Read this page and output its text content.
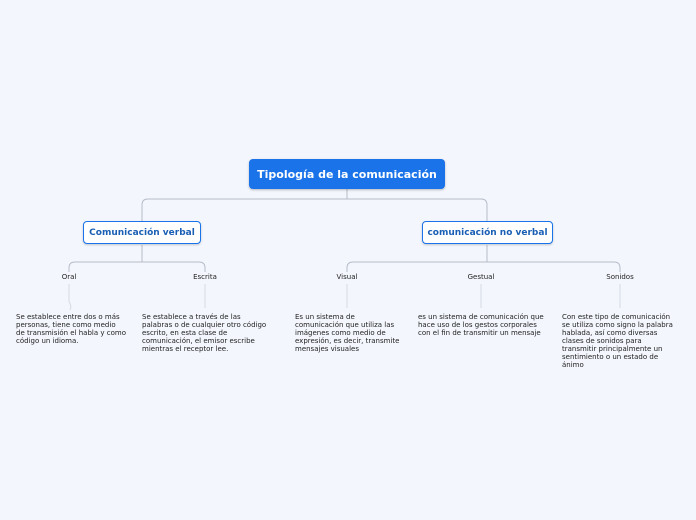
Tipología de la comunicación
Comunicación verbal	comunicación no verbal
Oral	Escrita	Visual	Gestual	Sonidos
Se establece entre dos o más personas, tiene como medio de transmisión el habla y como código un idioma.
Se establece a través de las palabras o de cualquier otro código escrito, en esta clase de comunicación, el emisor escribe mientras el receptor lee.
Es un sistema de comunicación que utiliza las imágenes como medio de expresión, es decir, transmite mensajes visuales
es un sistema de comunicación que hace uso de los gestos corporales con el fin de transmitir un mensaje
Con este tipo de comunicación se utiliza como signo la palabra hablada, así como diversas clases de sonidos para transmitir principalmente un sentimiento o un estado de ánimo
